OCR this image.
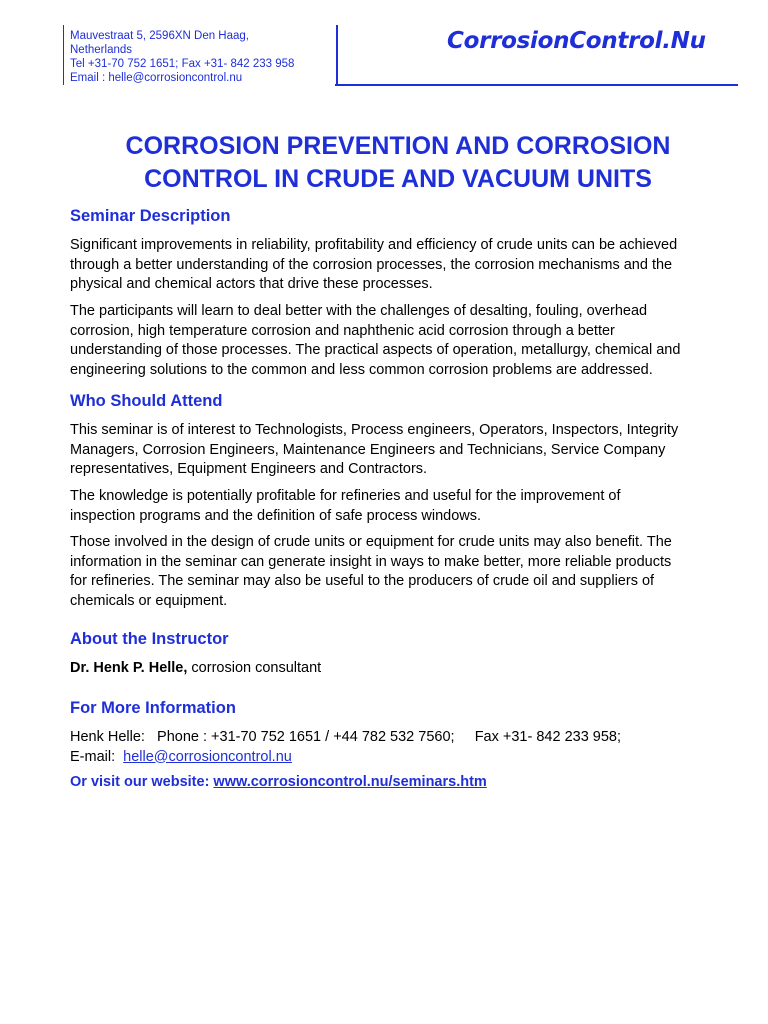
Mauvestraat 5, 2596XN Den Haag,
Netherlands
Tel +31-70 752 1651; Fax +31- 842 233 958
Email : helle@corrosioncontrol.nu
CorrosionControl.Nu
CORROSION PREVENTION AND CORROSION
CONTROL IN CRUDE AND VACUUM UNITS
Seminar Description
Significant improvements in reliability, profitability and efficiency of crude units can be achieved
through a better understanding of the corrosion processes, the corrosion mechanisms and the
physical and chemical actors that drive these processes.
The participants will learn to deal better with the challenges of desalting, fouling, overhead
corrosion, high temperature corrosion and naphthenic acid corrosion through a better
understanding of those processes. The practical aspects of operation, metallurgy, chemical and
engineering solutions to the common and less common corrosion problems are addressed.
Who Should Attend
This seminar is of interest to Technologists, Process engineers, Operators, Inspectors, Integrity
Managers, Corrosion Engineers, Maintenance Engineers and Technicians, Service Company
representatives, Equipment Engineers and Contractors.
The knowledge is potentially profitable for refineries and useful for the improvement of
inspection programs and the definition of safe process windows.
Those involved in the design of crude units or equipment for crude units may also benefit. The
information in the seminar can generate insight in ways to make better, more reliable products
for refineries. The seminar may also be useful to the producers of crude oil and suppliers of
chemicals or equipment.
About the Instructor
Dr. Henk P. Helle, corrosion consultant
For More Information
Henk Helle:   Phone : +31-70 752 1651 / +44 782 532 7560;     Fax +31- 842 233 958;
E-mail:  helle@corrosioncontrol.nu
Or visit our website: www.corrosioncontrol.nu/seminars.htm
